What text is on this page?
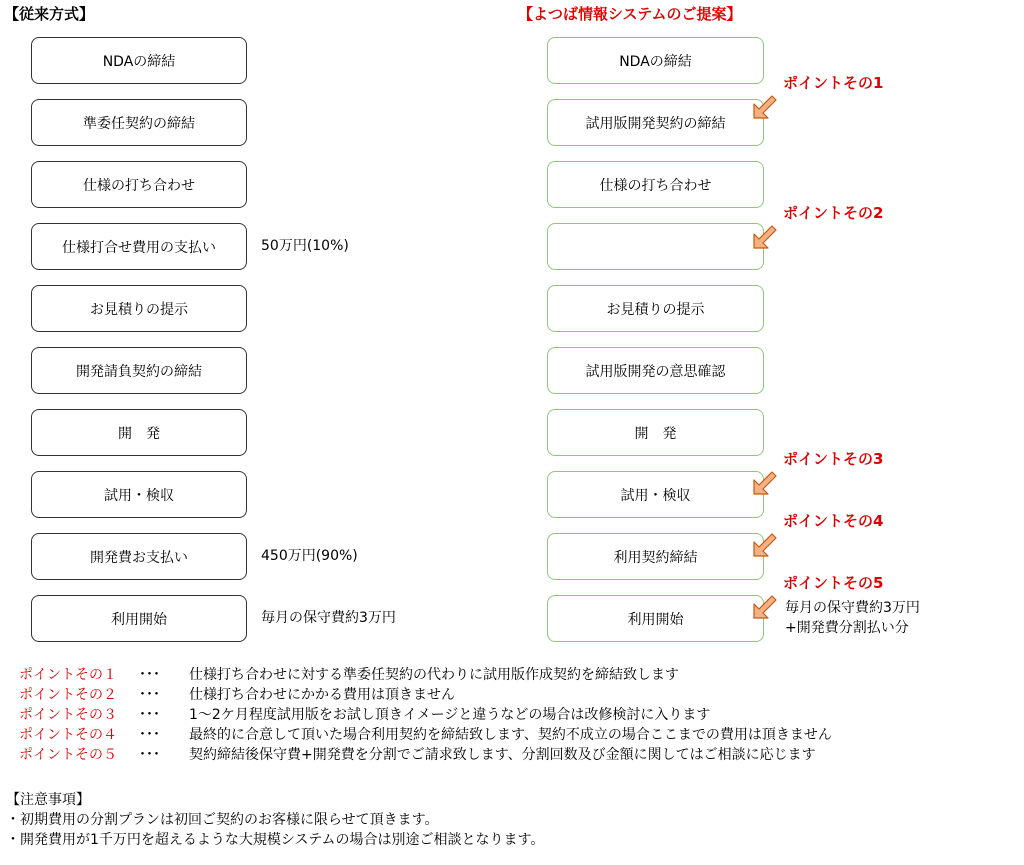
【従来方式】	【よつば情報システムのご提案】
NDAの締結
準委任契約の締結
仕様の打ち合わせ
仕様打合せ費用の支払い
お見積りの提示
開発請負契約の締結
開　発
試用・検収
開発費お支払い
利用開始
50万円(10%)
450万円(90%)
毎月の保守費約3万円
NDAの締結
試用版開発契約の締結
仕様の打ち合わせ
お見積りの提示
試用版開発の意思確認
開　発
試用・検収
利用契約締結
利用開始
ポイントその1
ポイントその2
ポイントその3
ポイントその4
ポイントその5
毎月の保守費約3万円
+開発費分割払い分
ポイントその１	･･･	仕様打ち合わせに対する準委任契約の代わりに試用版作成契約を締結致します
ポイントその２	･･･	仕様打ち合わせにかかる費用は頂きません
ポイントその３	･･･	1〜2ケ月程度試用版をお試し頂きイメージと違うなどの場合は改修検討に入ります
ポイントその４	･･･	最終的に合意して頂いた場合利用契約を締結致します、契約不成立の場合ここまでの費用は頂きません
ポイントその５	･･･	契約締結後保守費+開発費を分割でご請求致します、分割回数及び金額に関してはご相談に応じます
【注意事項】
・初期費用の分割プランは初回ご契約のお客様に限らせて頂きます。
・開発費用が1千万円を超えるような大規模システムの場合は別途ご相談となります。
